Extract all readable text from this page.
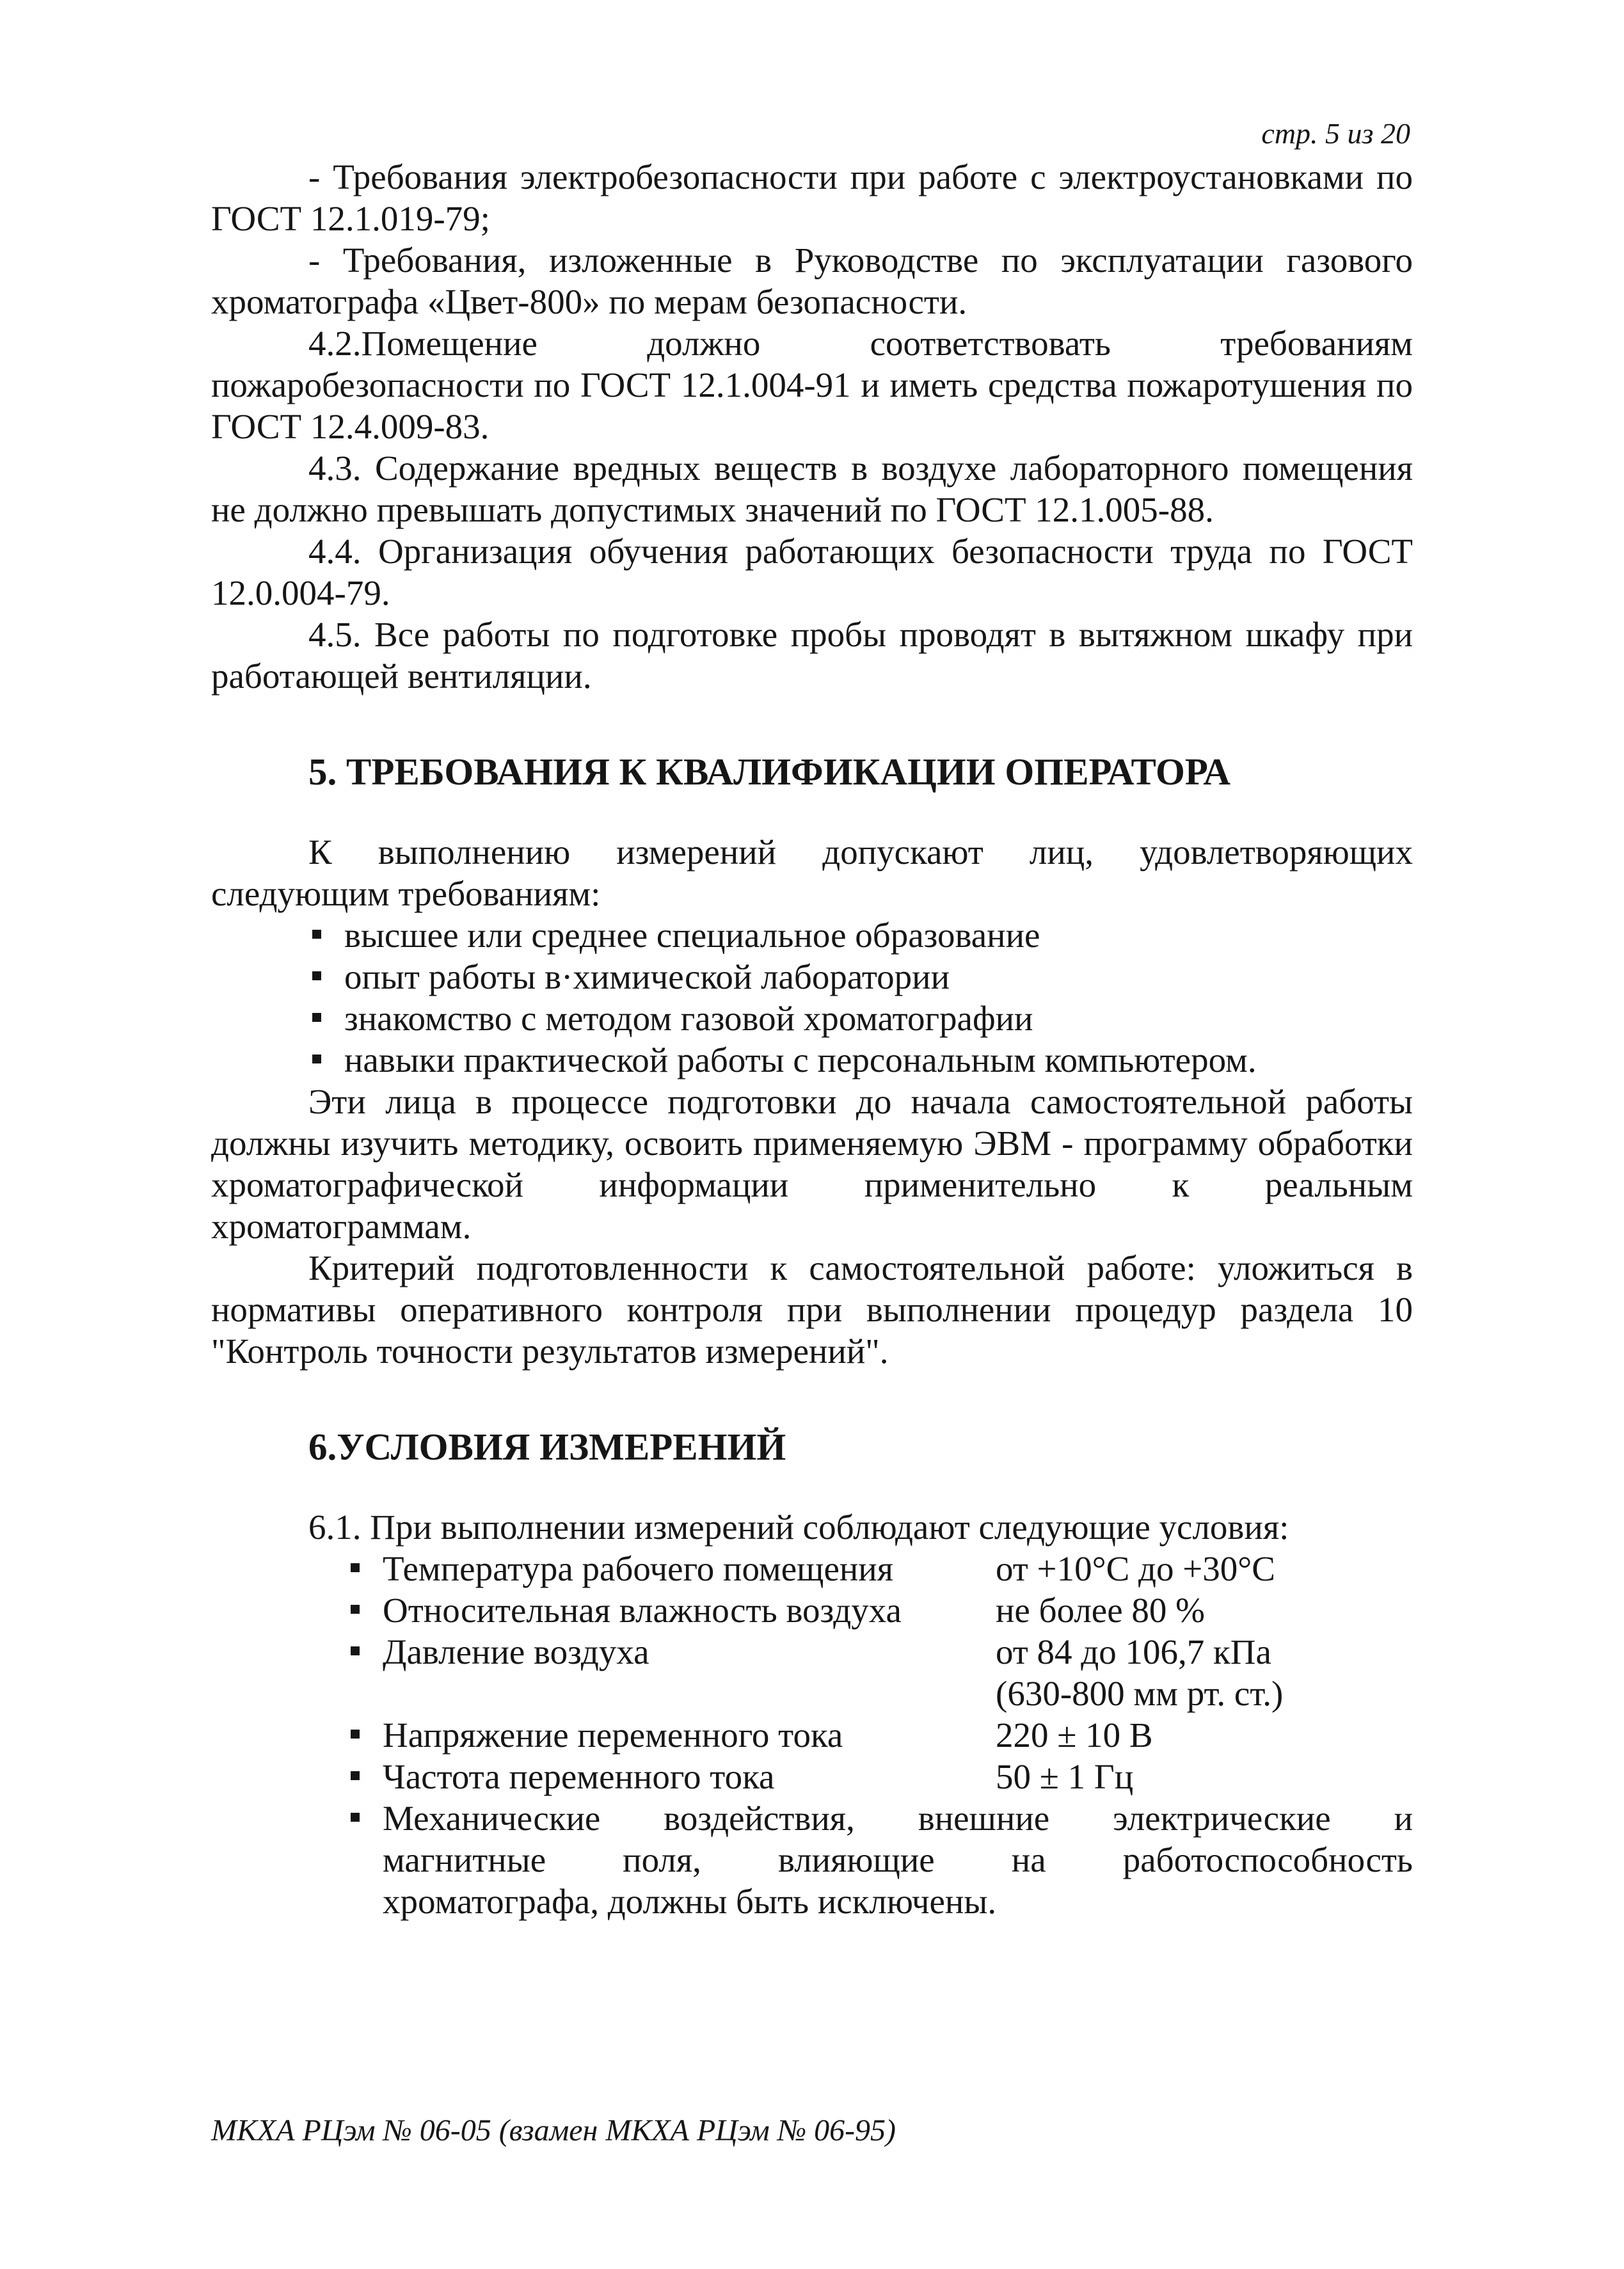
стр. 5 из 20

- Требования электробезопасности при работе с электроустановками по ГОСТ 12.1.019-79;

- Требования, изложенные в Руководстве по эксплуатации газового хроматографа «Цвет-800» по мерам безопасности.

4.2.Помещение должно соответствовать требованиям пожаробезопасности по ГОСТ 12.1.004-91 и иметь средства пожаротушения по ГОСТ 12.4.009-83.

4.3. Содержание вредных веществ в воздухе лабораторного помещения не должно превышать допустимых значений по ГОСТ 12.1.005-88.

4.4. Организация обучения работающих безопасности труда по ГОСТ 12.0.004-79.

4.5. Все работы по подготовке пробы проводят в вытяжном шкафу при работающей вентиляции.

5. ТРЕБОВАНИЯ К КВАЛИФИКАЦИИ ОПЕРАТОРА

К выполнению измерений допускают лиц, удовлетворяющих следующим требованиям:

высшее или среднее специальное образование
опыт работы в·химической лаборатории
знакомство с методом газовой хроматографии
навыки практической работы с персональным компьютером.

Эти лица в процессе подготовки до начала самостоятельной работы должны изучить методику, освоить применяемую ЭВМ - программу обработки хроматографической информации применительно к реальным хроматограммам.

Критерий подготовленности к самостоятельной работе: уложиться в нормативы оперативного контроля при выполнении процедур раздела 10 "Контроль точности результатов измерений".

6.УСЛОВИЯ ИЗМЕРЕНИЙ

6.1. При выполнении измерений соблюдают следующие условия:

Температура рабочего помещения	от +10°С до +30°С
Относительная влажность воздуха	не более 80 %
Давление воздуха	от 84 до 106,7 кПа
(630-800 мм рт. ст.)
Напряжение переменного тока	220 ± 10 В
Частота переменного тока	50 ± 1 Гц
Механические воздействия, внешние электрические и
магнитные поля, влияющие на работоспособность
хроматографа, должны быть исключены.
МКХА РЦэм № 06-05 (взамен МКХА РЦэм № 06-95)
